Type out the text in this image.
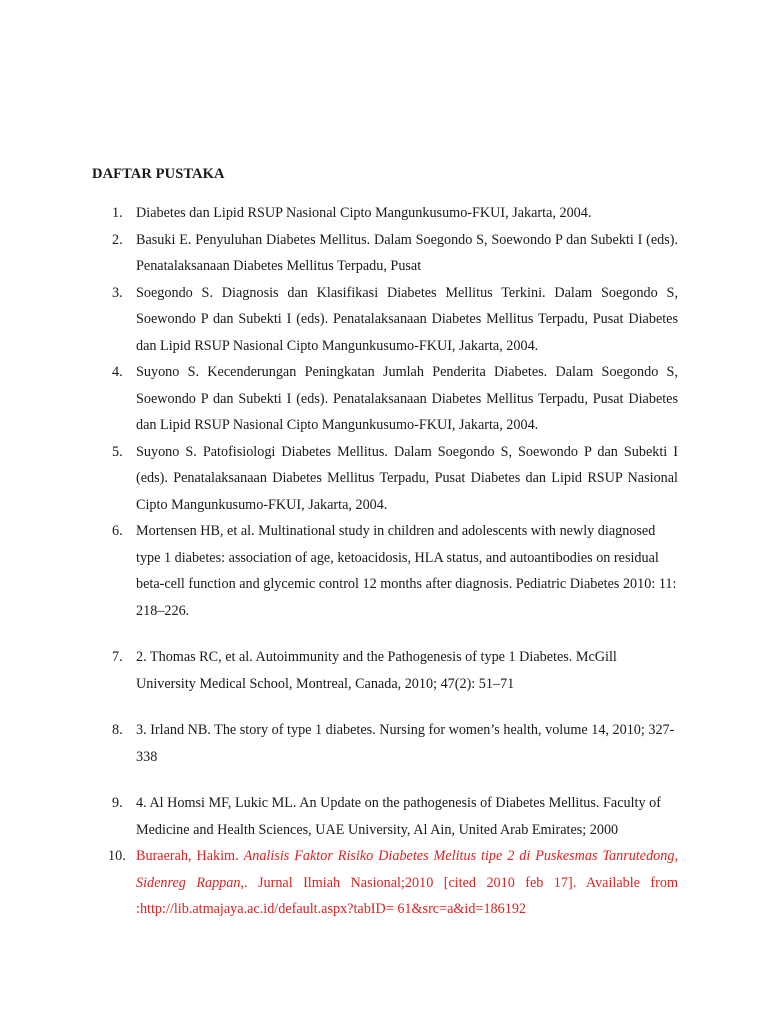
DAFTAR PUSTAKA
1. Diabetes dan Lipid RSUP Nasional Cipto Mangunkusumo-FKUI, Jakarta, 2004.
2. Basuki E. Penyuluhan Diabetes Mellitus. Dalam Soegondo S, Soewondo P dan Subekti I (eds). Penatalaksanaan Diabetes Mellitus Terpadu, Pusat
3. Soegondo S. Diagnosis dan Klasifikasi Diabetes Mellitus Terkini. Dalam Soegondo S, Soewondo P dan Subekti I (eds). Penatalaksanaan Diabetes Mellitus Terpadu, Pusat Diabetes dan Lipid RSUP Nasional Cipto Mangunkusumo-FKUI, Jakarta, 2004.
4. Suyono S. Kecenderungan Peningkatan Jumlah Penderita Diabetes. Dalam Soegondo S, Soewondo P dan Subekti I (eds). Penatalaksanaan Diabetes Mellitus Terpadu, Pusat Diabetes dan Lipid RSUP Nasional Cipto Mangunkusumo-FKUI, Jakarta, 2004.
5. Suyono S. Patofisiologi Diabetes Mellitus. Dalam Soegondo S, Soewondo P dan Subekti I (eds). Penatalaksanaan Diabetes Mellitus Terpadu, Pusat Diabetes dan Lipid RSUP Nasional Cipto Mangunkusumo-FKUI, Jakarta, 2004.
6. Mortensen HB, et al. Multinational study in children and adolescents with newly diagnosed type 1 diabetes: association of age, ketoacidosis, HLA status, and autoantibodies on residual beta-cell function and glycemic control 12 months after diagnosis. Pediatric Diabetes 2010: 11: 218–226.
7. 2. Thomas RC, et al. Autoimmunity and the Pathogenesis of type 1 Diabetes. McGill University Medical School, Montreal, Canada, 2010; 47(2): 51–71
8. 3. Irland NB. The story of type 1 diabetes. Nursing for women’s health, volume 14, 2010; 327-338
9. 4. Al Homsi MF, Lukic ML. An Update on the pathogenesis of Diabetes Mellitus. Faculty of Medicine and Health Sciences, UAE University, Al Ain, United Arab Emirates; 2000
10. Buraerah, Hakim. Analisis Faktor Risiko Diabetes Melitus tipe 2 di Puskesmas Tanrutedong, Sidenreg Rappan,. Jurnal Ilmiah Nasional;2010 [cited 2010 feb 17]. Available from :http://lib.atmajaya.ac.id/default.aspx?tabID= 61&src=a&id=186192
